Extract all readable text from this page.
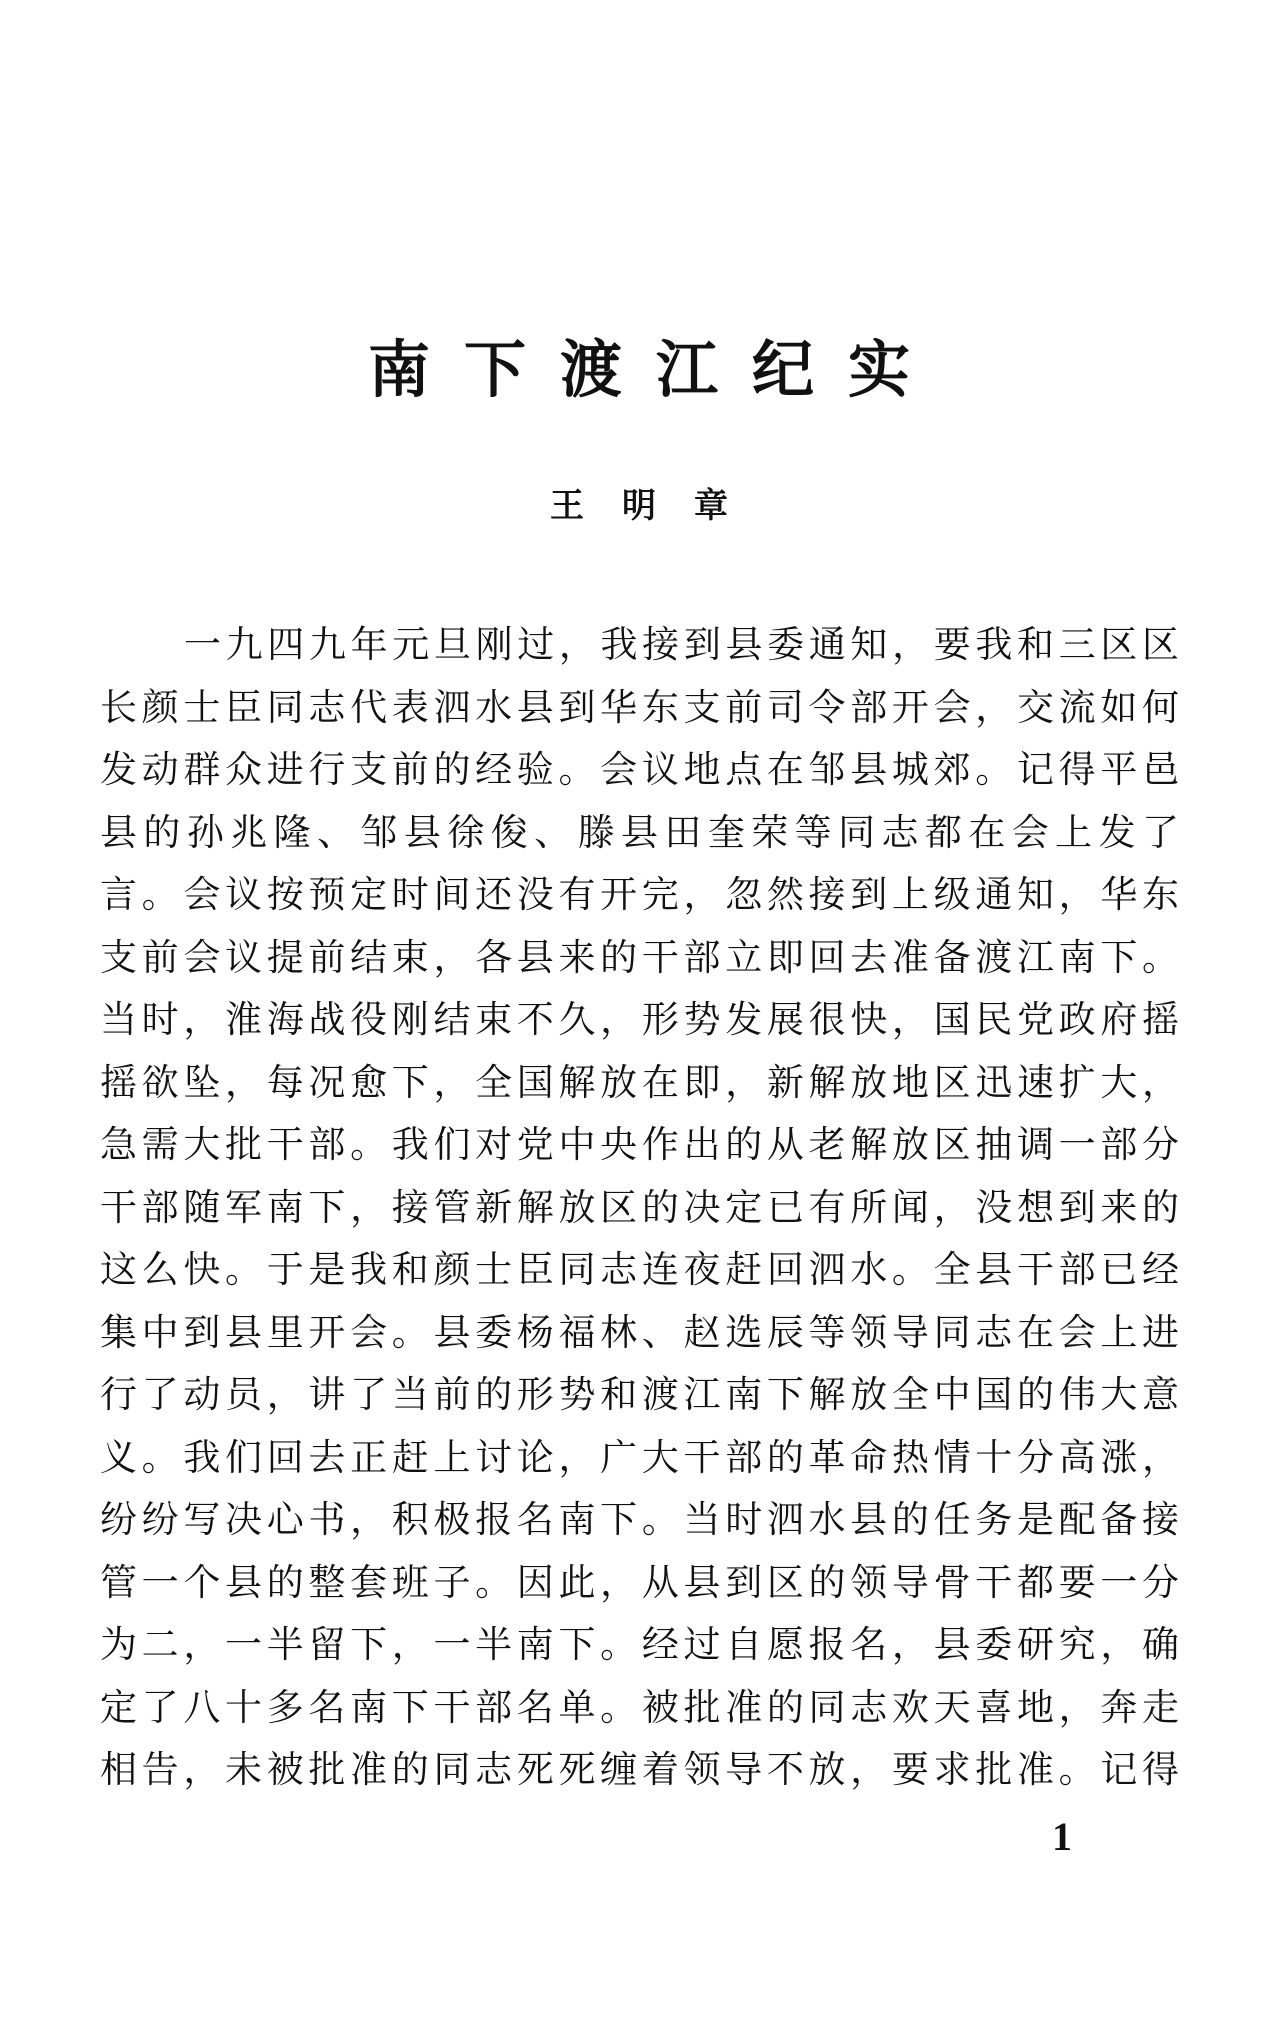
南下渡江纪实
王明章
一九四九年元旦刚过，我接到县委通知，要我和三区区
长颜士臣同志代表泗水县到华东支前司令部开会，交流如何
发动群众进行支前的经验。会议地点在邹县城郊。记得平邑
县的孙兆隆、邹县徐俊、滕县田奎荣等同志都在会上发了
言。会议按预定时间还没有开完，忽然接到上级通知，华东
支前会议提前结束，各县来的干部立即回去准备渡江南下。
当时，淮海战役刚结束不久，形势发展很快，国民党政府摇
摇欲坠，每况愈下，全国解放在即，新解放地区迅速扩大，
急需大批干部。我们对党中央作出的从老解放区抽调一部分
干部随军南下，接管新解放区的决定已有所闻，没想到来的
这么快。于是我和颜士臣同志连夜赶回泗水。全县干部已经
集中到县里开会。县委杨福林、赵选辰等领导同志在会上进
行了动员，讲了当前的形势和渡江南下解放全中国的伟大意
义。我们回去正赶上讨论，广大干部的革命热情十分高涨，
纷纷写决心书，积极报名南下。当时泗水县的任务是配备接
管一个县的整套班子。因此，从县到区的领导骨干都要一分
为二，一半留下，一半南下。经过自愿报名，县委研究，确
定了八十多名南下干部名单。被批准的同志欢天喜地，奔走
相告，未被批准的同志死死缠着领导不放，要求批准。记得
1
